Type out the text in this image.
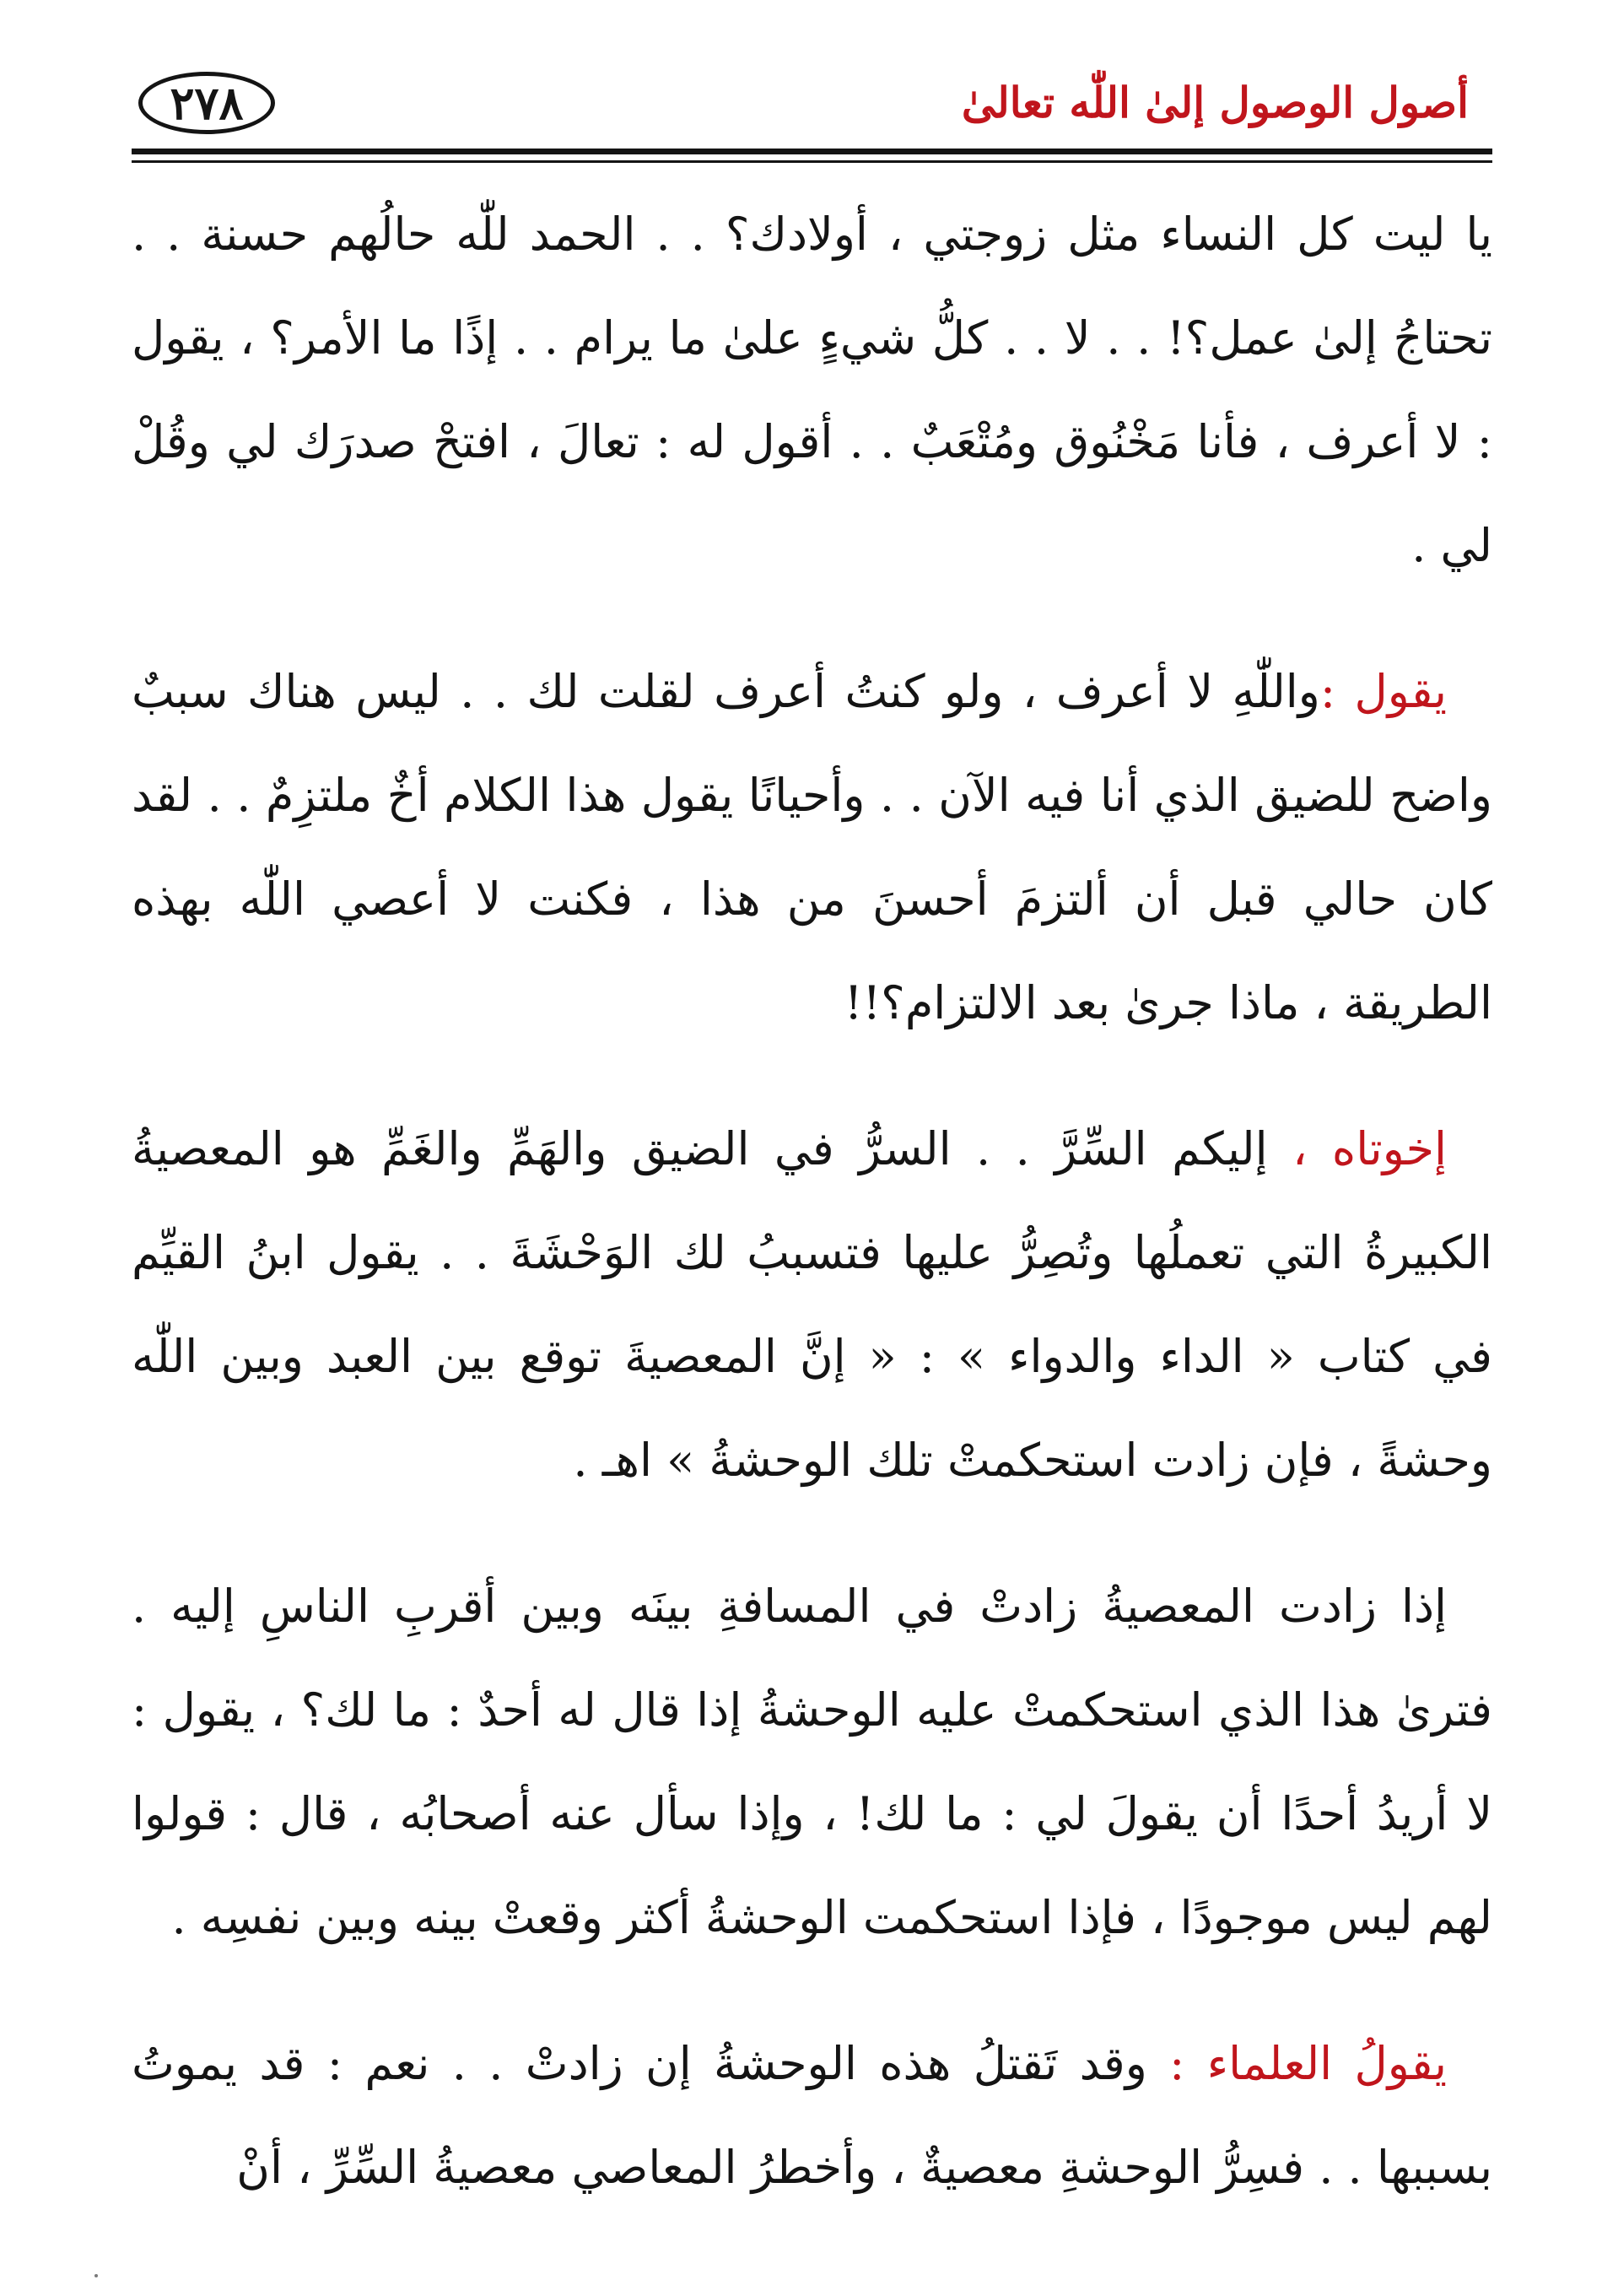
أصول الوصول إلىٰ اللّٰه تعالىٰ
٢٧٨

يا ليت كل النساء مثل زوجتي ، أولادك؟ . . الحمد للّٰه حالُهم حسنة . . تحتاجُ إلىٰ عمل؟! . . لا . . كلُّ شيءٍ علىٰ ما يرام . . إذًا ما الأمر؟ ، يقول : لا أعرف ، فأنا مَخْنُوق ومُتْعَبٌ . . أقول له : تعالَ ، افتحْ صدرَك لي وقُلْ لي .

يقول :واللّٰهِ لا أعرف ، ولو كنتُ أعرف لقلت لك . . ليس هناك سببٌ واضح للضيق الذي أنا فيه الآن . . وأحيانًا يقول هذا الكلام أخٌ ملتزِمٌ . . لقد كان حالي قبل أن ألتزمَ أحسنَ من هذا ، فكنت لا أعصي اللّٰه بهذه الطريقة ، ماذا جرىٰ بعد الالتزام؟!!

إخوتاه ، إليكم السِّرَّ . . السرُّ في الضيق والهَمِّ والغَمِّ هو المعصيةُ الكبيرةُ التي تعملُها وتُصِرُّ عليها فتسببُ لك الوَحْشَةَ . . يقول ابنُ القيِّم في كتاب « الداء والدواء » : « إنَّ المعصيةَ توقع بين العبد وبين اللّٰه وحشةً ، فإن زادت استحكمتْ تلك الوحشةُ » اهـ .

إذا زادت المعصيةُ زادتْ في المسافةِ بينَه وبين أقربِ الناسِ إليه . فترىٰ هذا الذي استحكمتْ عليه الوحشةُ إذا قال له أحدٌ : ما لك؟ ، يقول : لا أريدُ أحدًا أن يقولَ لي : ما لك! ، وإذا سأل عنه أصحابُه ، قال : قولوا لهم ليس موجودًا ، فإذا استحكمت الوحشةُ أكثر وقعتْ بينه وبين نفسِه .

يقولُ العلماء : وقد تَقتلُ هذه الوحشةُ إن زادتْ . . نعم : قد يموتُ بسببها . . فسِرُّ الوحشةِ معصيةٌ ، وأخطرُ المعاصي معصيةُ السِّرِّ ، أنْ
